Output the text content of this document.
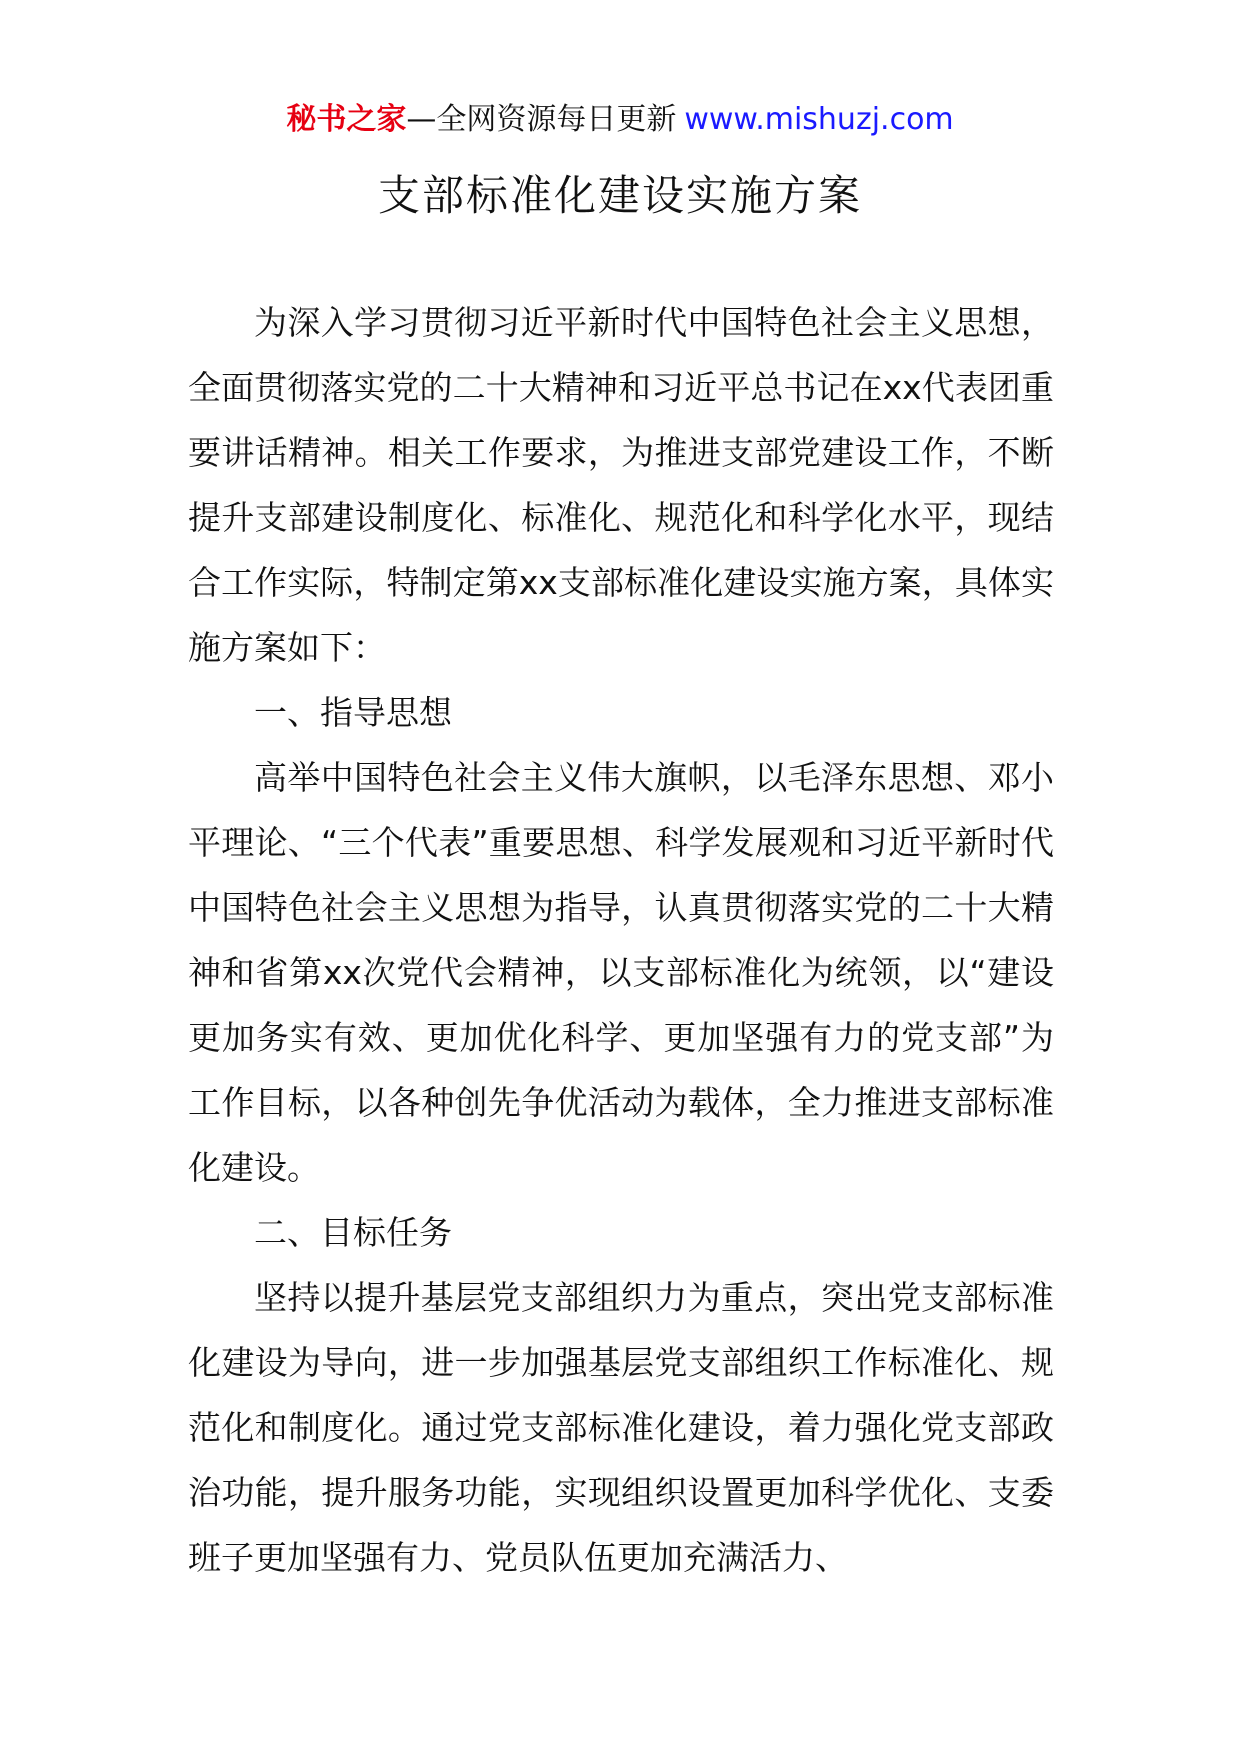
秘书之家—全网资源每日更新 www.mishuzj.com
支部标准化建设实施方案

为深入学习贯彻习近平新时代中国特色社会主义思想，全面贯彻落实党的二十大精神和习近平总书记在xx代表团重要讲话精神。相关工作要求，为推进支部党建设工作，不断提升支部建设制度化、标准化、规范化和科学化水平，现结合工作实际，特制定第xx支部标准化建设实施方案，具体实施方案如下：

一、指导思想

高举中国特色社会主义伟大旗帜，以毛泽东思想、邓小平理论、“三个代表”重要思想、科学发展观和习近平新时代中国特色社会主义思想为指导，认真贯彻落实党的二十大精神和省第xx次党代会精神，以支部标准化为统领，以“建设更加务实有效、更加优化科学、更加坚强有力的党支部”为工作目标，以各种创先争优活动为载体，全力推进支部标准化建设。

二、目标任务

坚持以提升基层党支部组织力为重点，突出党支部标准化建设为导向，进一步加强基层党支部组织工作标准化、规范化和制度化。通过党支部标准化建设，着力强化党支部政治功能，提升服务功能，实现组织设置更加科学优化、支委班子更加坚强有力、党员队伍更加充满活力、
